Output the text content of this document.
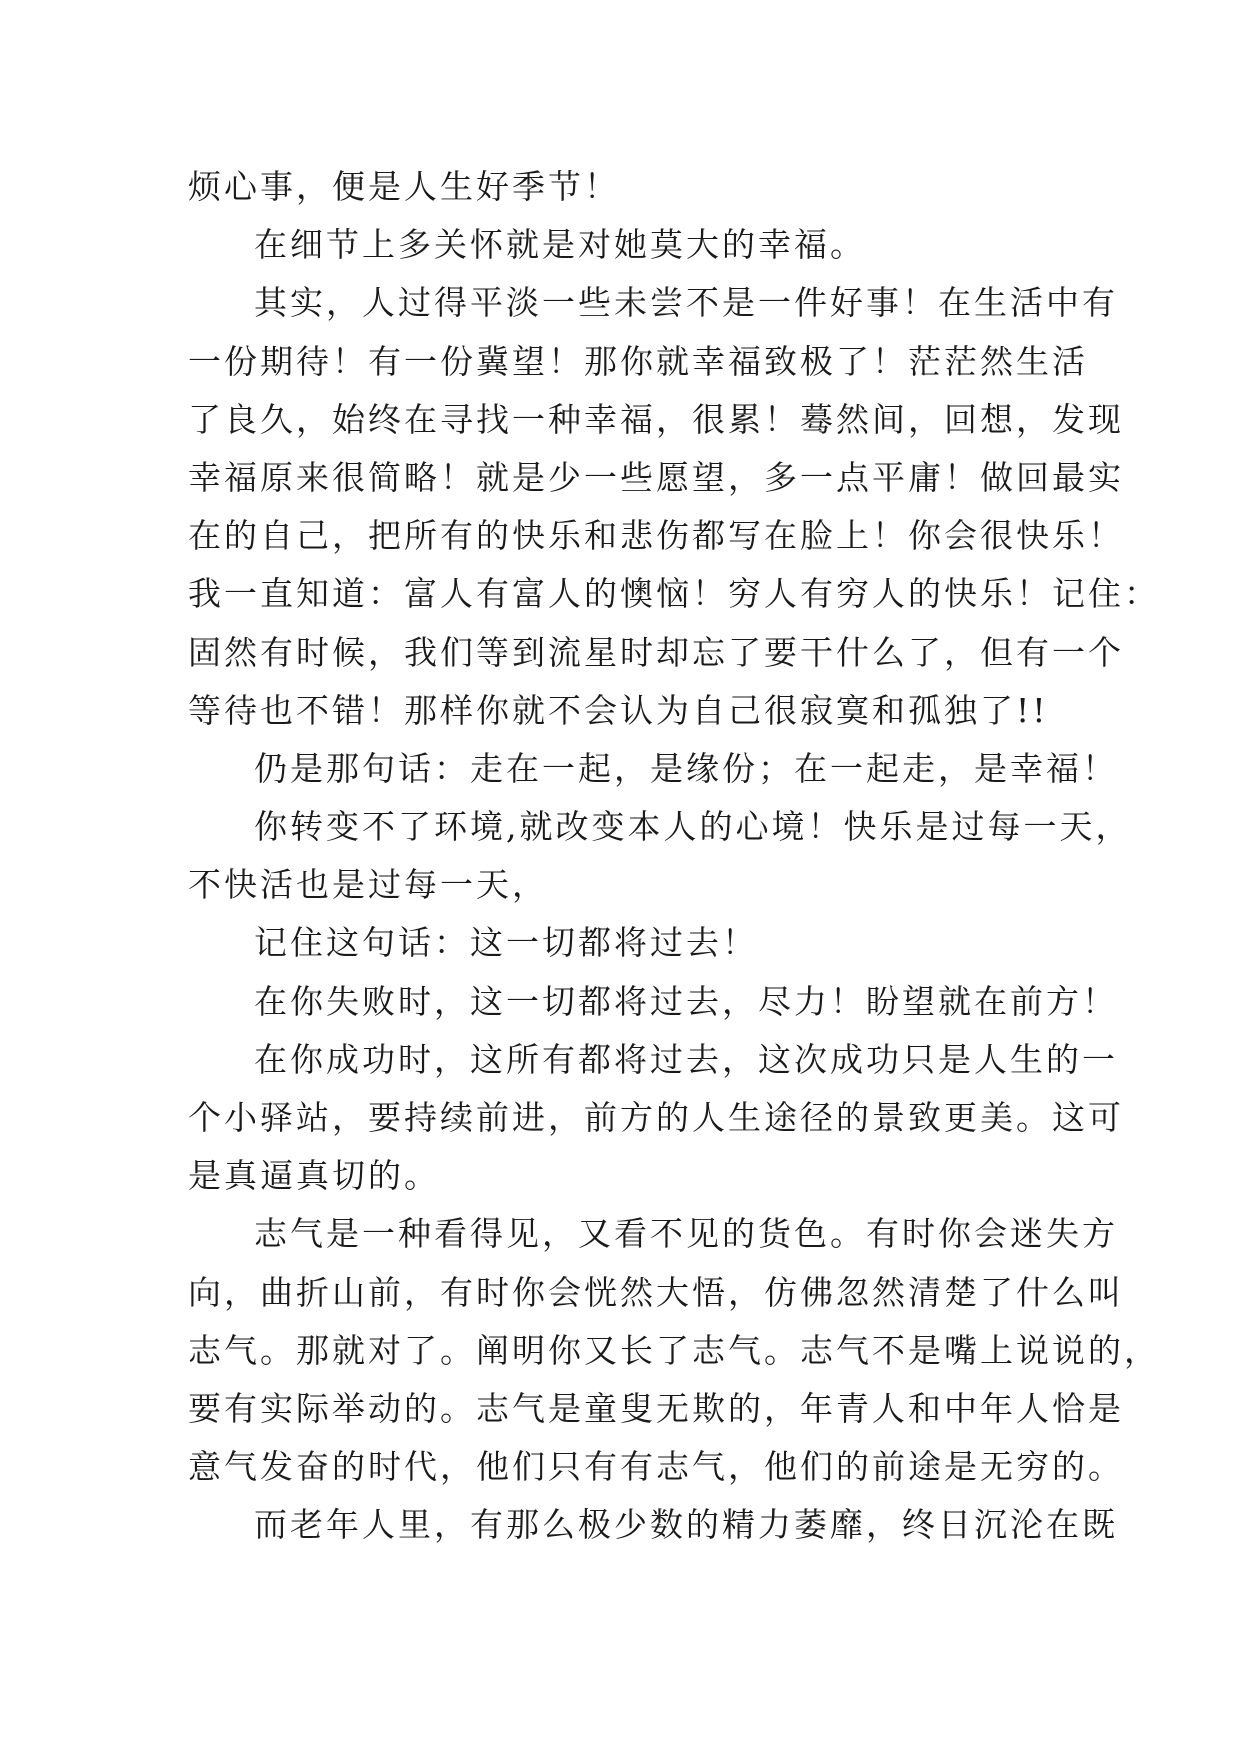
烦心事，便是人生好季节！
在细节上多关怀就是对她莫大的幸福。
其实，人过得平淡一些未尝不是一件好事！在生活中有
一份期待！有一份冀望！那你就幸福致极了！茫茫然生活
了良久，始终在寻找一种幸福，很累！蓦然间，回想，发现
幸福原来很简略！就是少一些愿望，多一点平庸！做回最实
在的自己，把所有的快乐和悲伤都写在脸上！你会很快乐！
我一直知道：富人有富人的懊恼！穷人有穷人的快乐！记住：
固然有时候，我们等到流星时却忘了要干什么了，但有一个
等待也不错！那样你就不会认为自己很寂寞和孤独了!!
仍是那句话：走在一起，是缘份；在一起走，是幸福！
你转变不了环境,就改变本人的心境！快乐是过每一天，
不快活也是过每一天，
记住这句话：这一切都将过去！
在你失败时，这一切都将过去，尽力！盼望就在前方！
在你成功时，这所有都将过去，这次成功只是人生的一
个小驿站，要持续前进，前方的人生途径的景致更美。这可
是真逼真切的。
志气是一种看得见，又看不见的货色。有时你会迷失方
向，曲折山前，有时你会恍然大悟，仿佛忽然清楚了什么叫
志气。那就对了。阐明你又长了志气。志气不是嘴上说说的，
要有实际举动的。志气是童叟无欺的，年青人和中年人恰是
意气发奋的时代，他们只有有志气，他们的前途是无穷的。
而老年人里，有那么极少数的精力萎靡，终日沉沦在既
